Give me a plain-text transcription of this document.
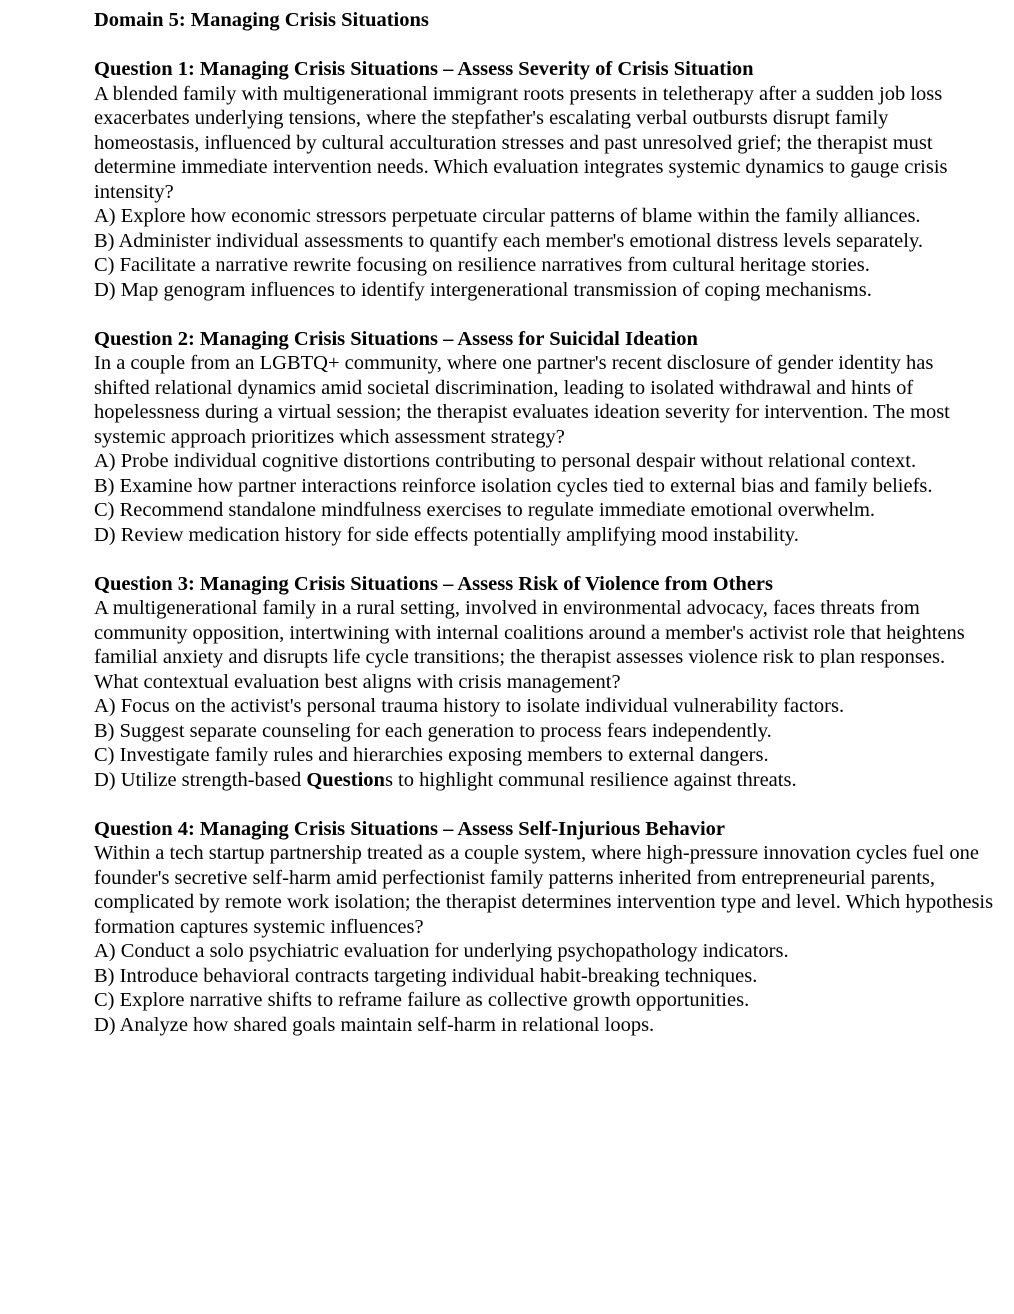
Domain 5: Managing Crisis Situations
Question 1: Managing Crisis Situations – Assess Severity of Crisis Situation
A blended family with multigenerational immigrant roots presents in teletherapy after a sudden job loss exacerbates underlying tensions, where the stepfather's escalating verbal outbursts disrupt family homeostasis, influenced by cultural acculturation stresses and past unresolved grief; the therapist must determine immediate intervention needs. Which evaluation integrates systemic dynamics to gauge crisis intensity?
A) Explore how economic stressors perpetuate circular patterns of blame within the family alliances.
B) Administer individual assessments to quantify each member's emotional distress levels separately.
C) Facilitate a narrative rewrite focusing on resilience narratives from cultural heritage stories.
D) Map genogram influences to identify intergenerational transmission of coping mechanisms.
Question 2: Managing Crisis Situations – Assess for Suicidal Ideation
In a couple from an LGBTQ+ community, where one partner's recent disclosure of gender identity has shifted relational dynamics amid societal discrimination, leading to isolated withdrawal and hints of hopelessness during a virtual session; the therapist evaluates ideation severity for intervention. The most systemic approach prioritizes which assessment strategy?
A) Probe individual cognitive distortions contributing to personal despair without relational context.
B) Examine how partner interactions reinforce isolation cycles tied to external bias and family beliefs.
C) Recommend standalone mindfulness exercises to regulate immediate emotional overwhelm.
D) Review medication history for side effects potentially amplifying mood instability.
Question 3: Managing Crisis Situations – Assess Risk of Violence from Others
A multigenerational family in a rural setting, involved in environmental advocacy, faces threats from community opposition, intertwining with internal coalitions around a member's activist role that heightens familial anxiety and disrupts life cycle transitions; the therapist assesses violence risk to plan responses. What contextual evaluation best aligns with crisis management?
A) Focus on the activist's personal trauma history to isolate individual vulnerability factors.
B) Suggest separate counseling for each generation to process fears independently.
C) Investigate family rules and hierarchies exposing members to external dangers.
D) Utilize strength-based Questions to highlight communal resilience against threats.
Question 4: Managing Crisis Situations – Assess Self-Injurious Behavior
Within a tech startup partnership treated as a couple system, where high-pressure innovation cycles fuel one founder's secretive self-harm amid perfectionist family patterns inherited from entrepreneurial parents, complicated by remote work isolation; the therapist determines intervention type and level. Which hypothesis formation captures systemic influences?
A) Conduct a solo psychiatric evaluation for underlying psychopathology indicators.
B) Introduce behavioral contracts targeting individual habit-breaking techniques.
C) Explore narrative shifts to reframe failure as collective growth opportunities.
D) Analyze how shared goals maintain self-harm in relational loops.
